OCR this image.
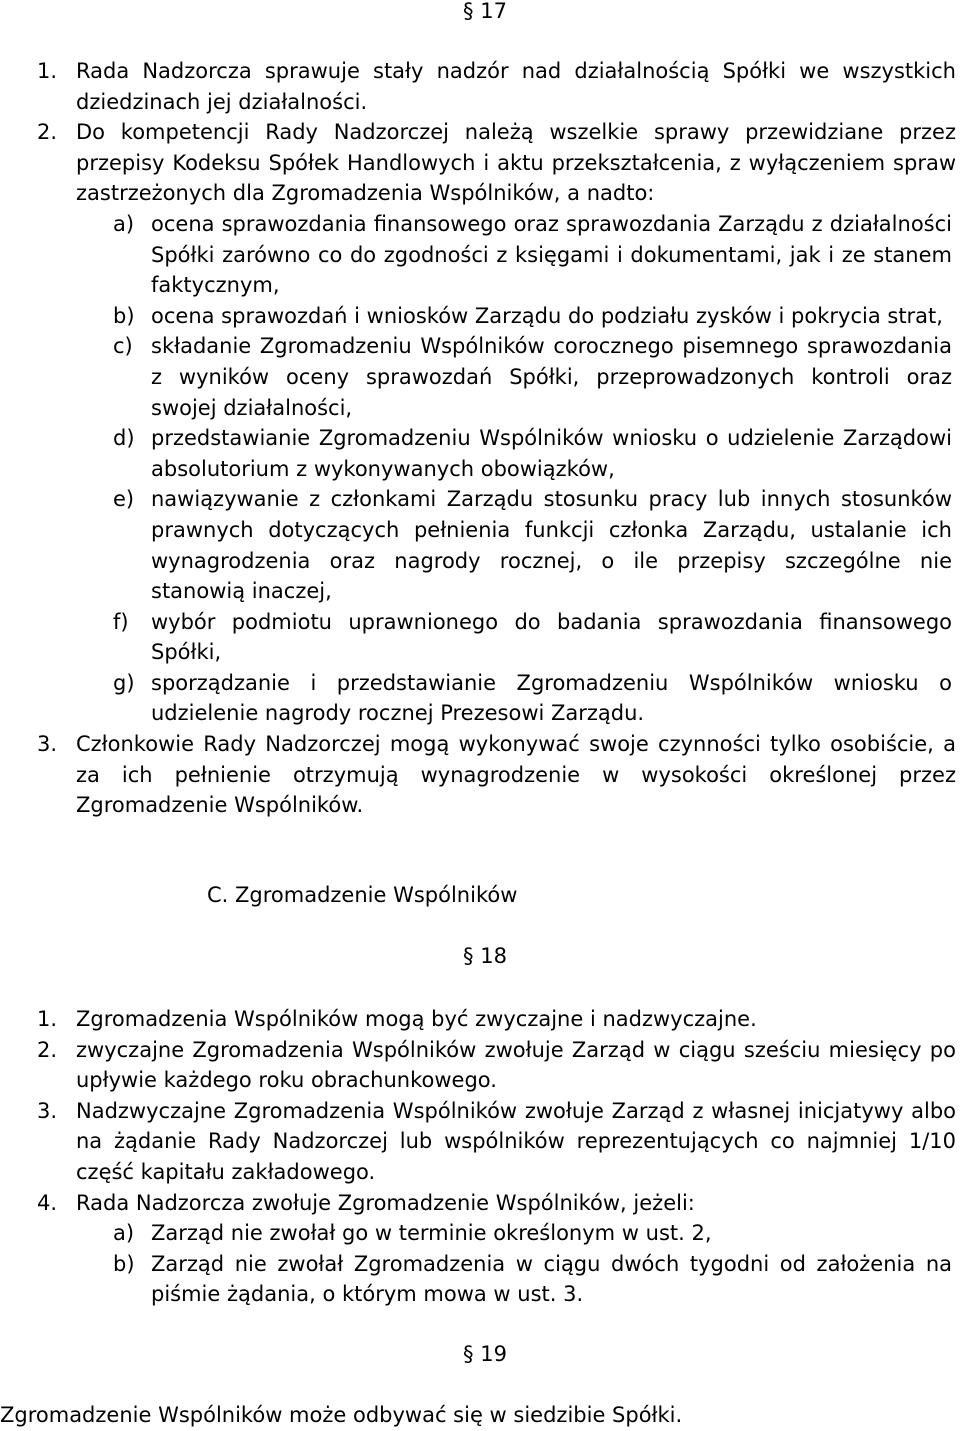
§ 17
1. Rada Nadzorcza sprawuje stały nadzór nad działalnością Spółki we wszystkich dziedzinach jej działalności.
2. Do kompetencji Rady Nadzorczej należą wszelkie sprawy przewidziane przez przepisy Kodeksu Spółek Handlowych i aktu przekształcenia, z wyłączeniem spraw zastrzeżonych dla Zgromadzenia Wspólników, a nadto:
a) ocena sprawozdania finansowego oraz sprawozdania Zarządu z działalności Spółki zarówno co do zgodności z księgami i dokumentami, jak i ze stanem faktycznym,
b) ocena sprawozdań i wniosków Zarządu do podziału zysków i pokrycia strat,
c) składanie Zgromadzeniu Wspólników corocznego pisemnego sprawozdania z wyników oceny sprawozdań Spółki, przeprowadzonych kontroli oraz swojej działalności,
d) przedstawianie Zgromadzeniu Wspólników wniosku o udzielenie Zarządowi absolutorium z wykonywanych obowiązków,
e) nawiązywanie z członkami Zarządu stosunku pracy lub innych stosunków prawnych dotyczących pełnienia funkcji członka Zarządu, ustalanie ich wynagrodzenia oraz nagrody rocznej, o ile przepisy szczególne nie stanowią inaczej,
f) wybór podmiotu uprawnionego do badania sprawozdania finansowego Spółki,
g) sporządzanie i przedstawianie Zgromadzeniu Wspólników wniosku o udzielenie nagrody rocznej Prezesowi Zarządu.
3. Członkowie Rady Nadzorczej mogą wykonywać swoje czynności tylko osobiście, a za ich pełnienie otrzymują wynagrodzenie w wysokości określonej przez Zgromadzenie Wspólników.
C. Zgromadzenie Wspólników
§ 18
1. Zgromadzenia Wspólników mogą być zwyczajne i nadzwyczajne.
2. zwyczajne Zgromadzenia Wspólników zwołuje Zarząd w ciągu sześciu miesięcy po upływie każdego roku obrachunkowego.
3. Nadzwyczajne Zgromadzenia Wspólników zwołuje Zarząd z własnej inicjatywy albo na żądanie Rady Nadzorczej lub wspólników reprezentujących co najmniej 1/10 część kapitału zakładowego.
4. Rada Nadzorcza zwołuje Zgromadzenie Wspólników, jeżeli:
a) Zarząd nie zwołał go w terminie określonym w ust. 2,
b) Zarząd nie zwołał Zgromadzenia w ciągu dwóch tygodni od założenia na piśmie żądania, o którym mowa w ust. 3.
§ 19
Zgromadzenie Wspólników może odbywać się w siedzibie Spółki.
